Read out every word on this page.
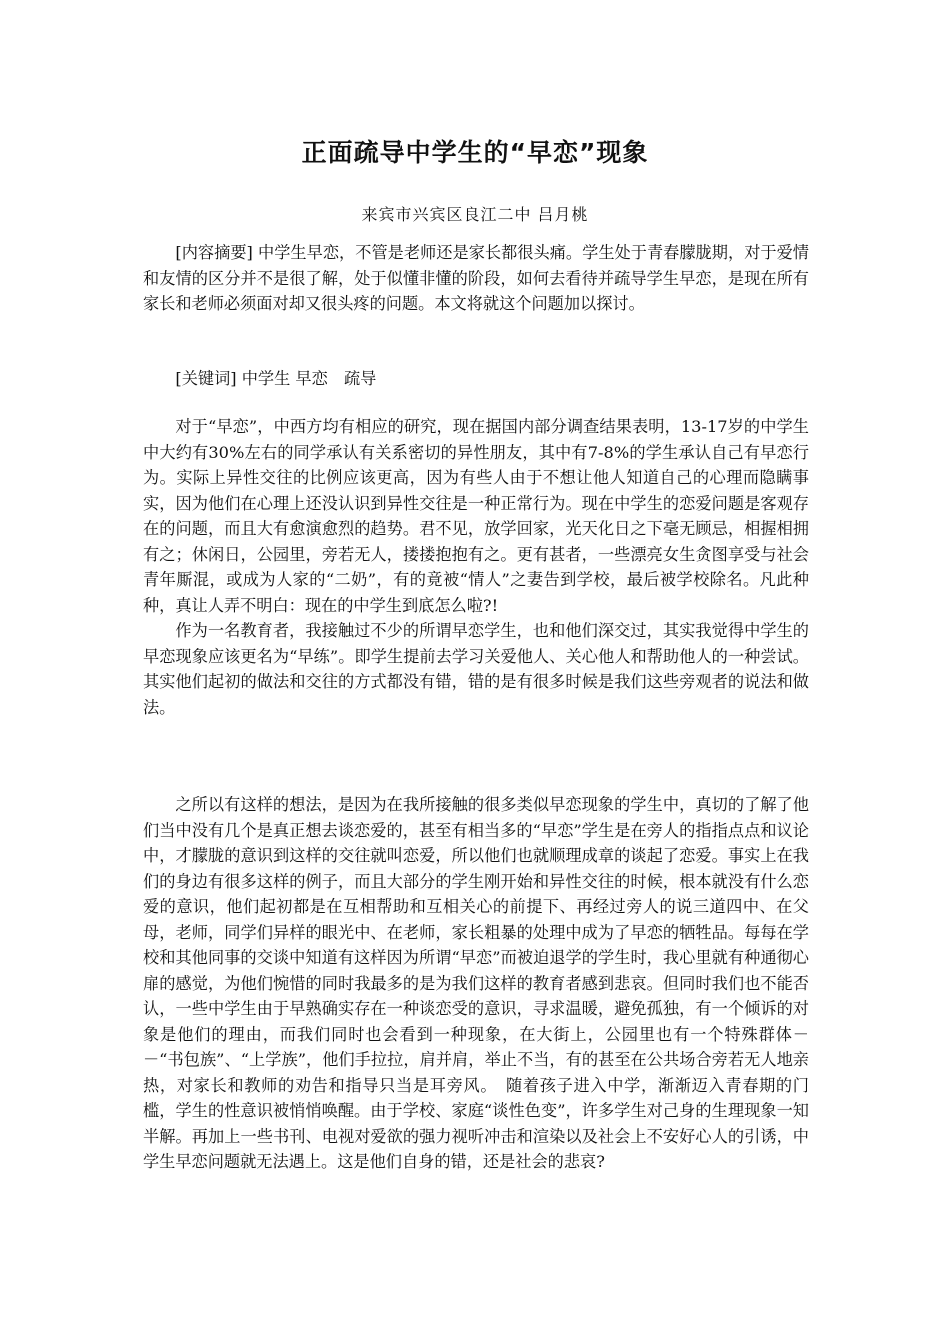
正面疏导中学生的“早恋”现象
来宾市兴宾区良江二中 吕月桃

[内容摘要] 中学生早恋，不管是老师还是家长都很头痛。学生处于青春朦胧期，对于爱情和友情的区分并不是很了解，处于似懂非懂的阶段，如何去看待并疏导学生早恋，是现在所有家长和老师必须面对却又很头疼的问题。本文将就这个问题加以探讨。

[关键词] 中学生 早恋　疏导

对于“早恋”，中西方均有相应的研究，现在据国内部分调查结果表明，13-17岁的中学生中大约有30%左右的同学承认有关系密切的异性朋友，其中有7-8%的学生承认自己有早恋行为。实际上异性交往的比例应该更高，因为有些人由于不想让他人知道自己的心理而隐瞒事实，因为他们在心理上还没认识到异性交往是一种正常行为。现在中学生的恋爱问题是客观存在的问题，而且大有愈演愈烈的趋势。君不见，放学回家，光天化日之下毫无顾忌，相握相拥有之；休闲日，公园里，旁若无人，搂搂抱抱有之。更有甚者，一些漂亮女生贪图享受与社会青年厮混，或成为人家的“二奶”，有的竟被“情人”之妻告到学校，最后被学校除名。凡此种种，真让人弄不明白：现在的中学生到底怎么啦?!

作为一名教育者，我接触过不少的所谓早恋学生，也和他们深交过，其实我觉得中学生的早恋现象应该更名为“早练”。即学生提前去学习关爱他人、关心他人和帮助他人的一种尝试。其实他们起初的做法和交往的方式都没有错，错的是有很多时候是我们这些旁观者的说法和做法。

之所以有这样的想法，是因为在我所接触的很多类似早恋现象的学生中，真切的了解了他们当中没有几个是真正想去谈恋爱的，甚至有相当多的“早恋”学生是在旁人的指指点点和议论中，才朦胧的意识到这样的交往就叫恋爱，所以他们也就顺理成章的谈起了恋爱。事实上在我们的身边有很多这样的例子，而且大部分的学生刚开始和异性交往的时候，根本就没有什么恋爱的意识，他们起初都是在互相帮助和互相关心的前提下、再经过旁人的说三道四中、在父母，老师，同学们异样的眼光中、在老师，家长粗暴的处理中成为了早恋的牺牲品。每每在学校和其他同事的交谈中知道有这样因为所谓“早恋”而被迫退学的学生时，我心里就有种通彻心扉的感觉，为他们惋惜的同时我最多的是为我们这样的教育者感到悲哀。但同时我们也不能否认，一些中学生由于早熟确实存在一种谈恋受的意识，寻求温暖，避免孤独，有一个倾诉的对象是他们的理由，而我们同时也会看到一种现象，在大街上，公园里也有一个特殊群体－－“书包族”、“上学族”，他们手拉拉，肩并肩，举止不当，有的甚至在公共场合旁若无人地亲热，对家长和教师的劝告和指导只当是耳旁风。　随着孩子进入中学，渐渐迈入青春期的门槛，学生的性意识被悄悄唤醒。由于学校、家庭“谈性色变”，许多学生对己身的生理现象一知半解。再加上一些书刊、电视对爱欲的强力视听冲击和渲染以及社会上不安好心人的引诱，中学生早恋问题就无法遇上。这是他们自身的错，还是社会的悲哀?
